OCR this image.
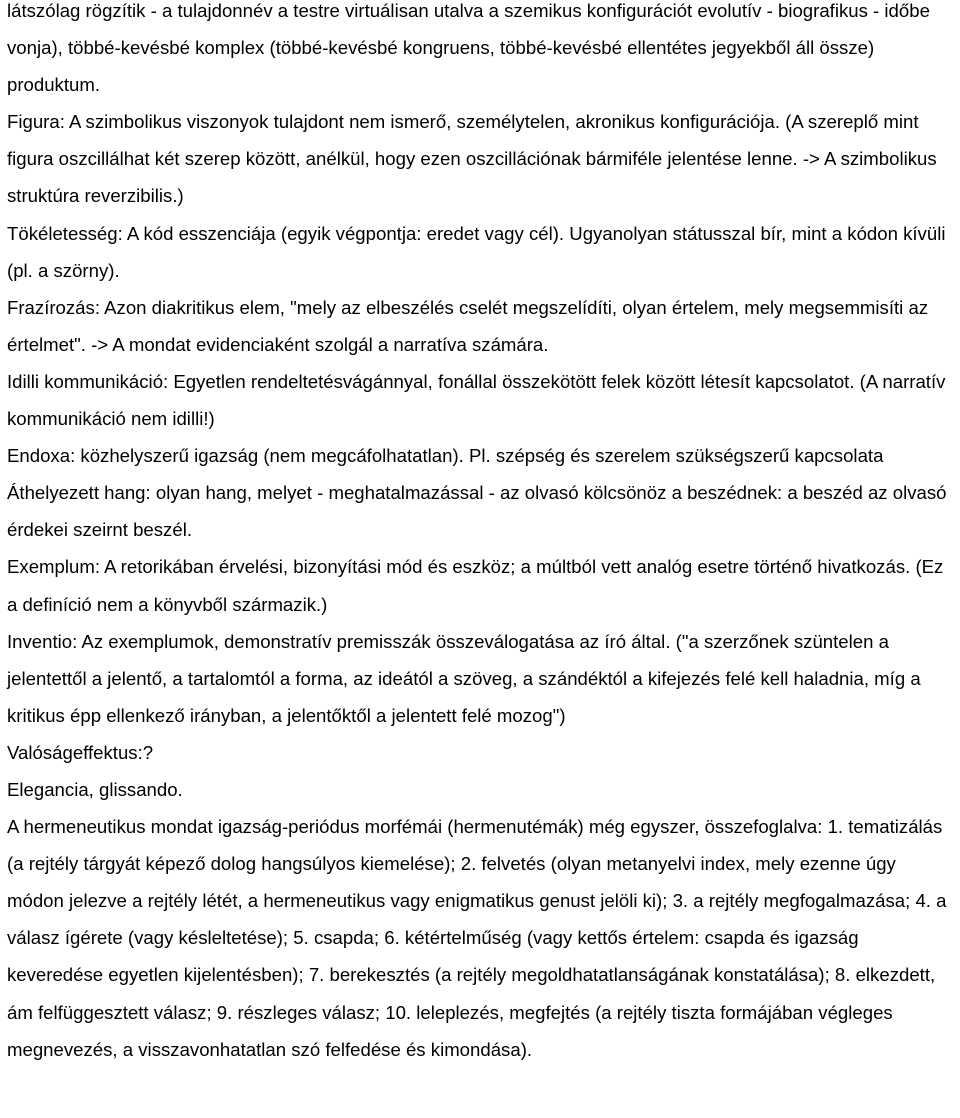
látszólag rögzítik - a tulajdonnév a testre virtuálisan utalva a szemikus konfigurációt evolutív - biografikus - időbe vonja), többé-kevésbé komplex (többé-kevésbé kongruens, többé-kevésbé ellentétes jegyekből áll össze) produktum.

Figura: A szimbolikus viszonyok tulajdont nem ismerő, személytelen, akronikus konfigurációja. (A szereplő mint figura oszcillálhat két szerep között, anélkül, hogy ezen oszcillációnak bármiféle jelentése lenne. -> A szimbolikus struktúra reverzibilis.)

Tökéletesség: A kód esszenciája (egyik végpontja: eredet vagy cél). Ugyanolyan státusszal bír, mint a kódon kívüli (pl. a szörny).

Frazírozás: Azon diakritikus elem, "mely az elbeszélés cselét megszelídíti, olyan értelem, mely megsemmisíti az értelmet". -> A mondat evidenciaként szolgál a narratíva számára.

Idilli kommunikáció: Egyetlen rendeltetésvágánnyal, fonállal összekötött felek között létesít kapcsolatot. (A narratív kommunikáció nem idilli!)

Endoxa: közhelyszerű igazság (nem megcáfolhatatlan). Pl. szépség és szerelem szükségszerű kapcsolata

Áthelyezett hang: olyan hang, melyet - meghatalmazással - az olvasó kölcsönöz a beszédnek: a beszéd az olvasó érdekei szeirnt beszél.

Exemplum: A retorikában érvelési, bizonyítási mód és eszköz; a múltból vett analóg esetre történő hivatkozás. (Ez a definíció nem a könyvből származik.)

Inventio: Az exemplumok, demonstratív premisszák összeválogatása az író által. ("a szerzőnek szüntelen a jelentettől a jelentő, a tartalomtól a forma, az ideától a szöveg, a szándéktól a kifejezés felé kell haladnia, míg a kritikus épp ellenkező irányban, a jelentőktől a jelentett felé mozog")

Valóságeffektus:?

Elegancia, glissando.

A hermeneutikus mondat igazság-periódus morfémái (hermenutémák) még egyszer, összefoglalva: 1. tematizálás (a rejtély tárgyát képező dolog hangsúlyos kiemelése); 2. felvetés (olyan metanyelvi index, mely ezenne úgy módon jelezve a rejtély létét, a hermeneutikus vagy enigmatikus genust jelöli ki); 3. a rejtély megfogalmazása; 4. a válasz ígérete (vagy késleltetése); 5. csapda; 6. kétértelműség (vagy kettős értelem: csapda és igazság keveredése egyetlen kijelentésben); 7. berekesztés (a rejtély megoldhatatlanságának konstatálása); 8. elkezdett, ám felfüggesztett válasz; 9. részleges válasz; 10. leleplezés, megfejtés (a rejtély tiszta formájában végleges megnevezés, a visszavonhatatlan szó felfedése és kimondása).
